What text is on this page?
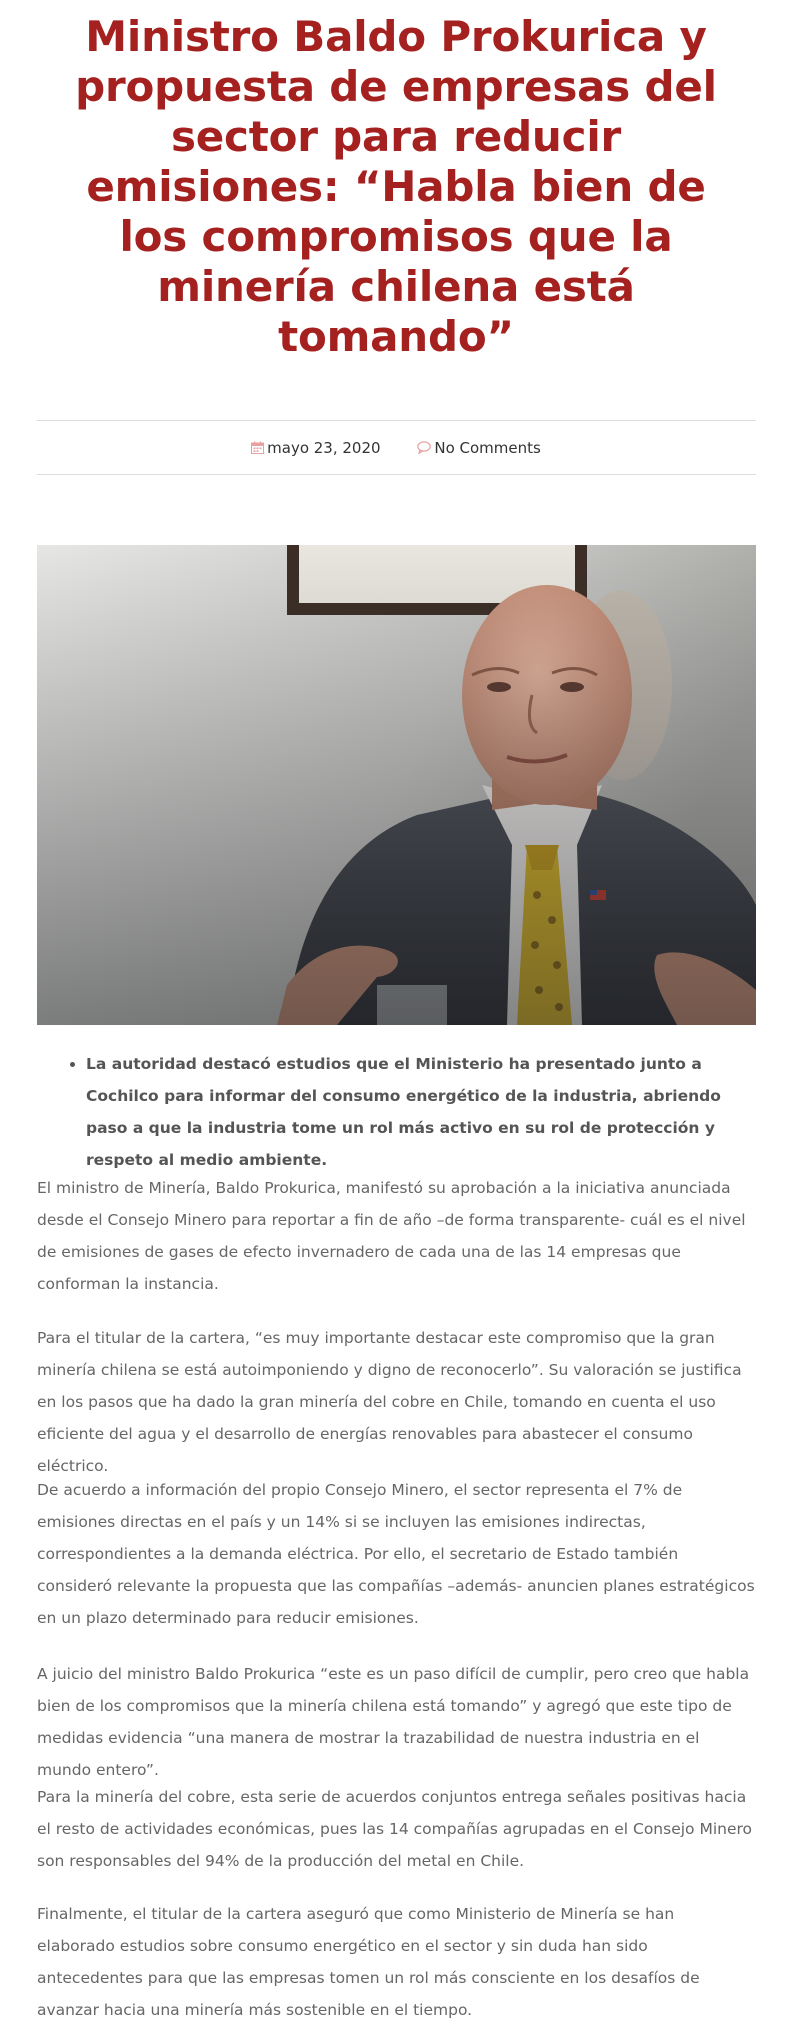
Ministro Baldo Prokurica y propuesta de empresas del sector para reducir emisiones: “Habla bien de los compromisos que la minería chilena está tomando”
mayo 23, 2020	No Comments
• La autoridad destacó estudios que el Ministerio ha presentado junto a Cochilco para informar del consumo energético de la industria, abriendo paso a que la industria tome un rol más activo en su rol de protección y respeto al medio ambiente.

El ministro de Minería, Baldo Prokurica, manifestó su aprobación a la iniciativa anunciada desde el Consejo Minero para reportar a fin de año –de forma transparente- cuál es el nivel de emisiones de gases de efecto invernadero de cada una de las 14 empresas que conforman la instancia.

Para el titular de la cartera, “es muy importante destacar este compromiso que la gran minería chilena se está autoimponiendo y digno de reconocerlo”. Su valoración se justifica en los pasos que ha dado la gran minería del cobre en Chile, tomando en cuenta el uso eficiente del agua y el desarrollo de energías renovables para abastecer el consumo eléctrico.

De acuerdo a información del propio Consejo Minero, el sector representa el 7% de emisiones directas en el país y un 14% si se incluyen las emisiones indirectas, correspondientes a la demanda eléctrica. Por ello, el secretario de Estado también consideró relevante la propuesta que las compañías –además- anuncien planes estratégicos en un plazo determinado para reducir emisiones.

A juicio del ministro Baldo Prokurica “este es un paso difícil de cumplir, pero creo que habla bien de los compromisos que la minería chilena está tomando” y agregó que este tipo de medidas evidencia “una manera de mostrar la trazabilidad de nuestra industria en el mundo entero”.

Para la minería del cobre, esta serie de acuerdos conjuntos entrega señales positivas hacia el resto de actividades económicas, pues las 14 compañías agrupadas en el Consejo Minero son responsables del 94% de la producción del metal en Chile.

Finalmente, el titular de la cartera aseguró que como Ministerio de Minería se han elaborado estudios sobre consumo energético en el sector y sin duda han sido antecedentes para que las empresas tomen un rol más consciente en los desafíos de avanzar hacia una minería más sostenible en el tiempo.
